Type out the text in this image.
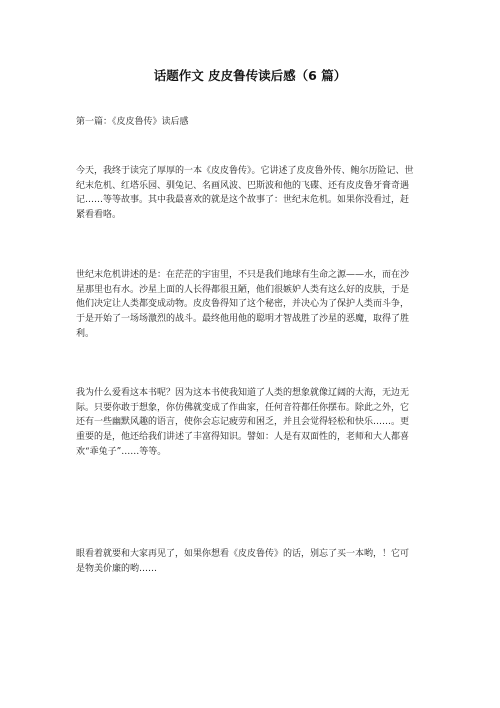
话题作文 皮皮鲁传读后感（6 篇）
第一篇：《皮皮鲁传》读后感
今天，我终于读完了厚厚的一本《皮皮鲁传》。它讲述了皮皮鲁外传、鲍尔历险记、世
纪末危机、红塔乐园、驯兔记、名画风波、巴斯波和他的飞碟、还有皮皮鲁牙膏奇遇
记……等等故事。其中我最喜欢的就是这个故事了：世纪末危机。如果你没看过，赶
紧看看咯。
世纪末危机讲述的是：在茫茫的宇宙里，不只是我们地球有生命之源——水，而在沙
星那里也有水。沙星上面的人长得都很丑陋，他们很嫉妒人类有这么好的皮肤，于是
他们决定让人类都变成动物。皮皮鲁得知了这个秘密，并决心为了保护人类而斗争，
于是开始了一场场激烈的战斗。最终他用他的聪明才智战胜了沙星的恶魔，取得了胜
利。
我为什么爱看这本书呢？因为这本书使我知道了人类的想象就像辽阔的大海，无边无
际。只要你敢于想象，你仿佛就变成了作曲家，任何音符都任你摆布。除此之外，它
还有一些幽默风趣的语言，使你会忘记疲劳和困乏，并且会觉得轻松和快乐……。更
重要的是，他还给我们讲述了丰富得知识。譬如：人是有双面性的，老师和大人都喜
欢“乖兔子”……等等。
眼看着就要和大家再见了，如果你想看《皮皮鲁传》的话，别忘了买一本哟，！它可
是物美价廉的哟……
